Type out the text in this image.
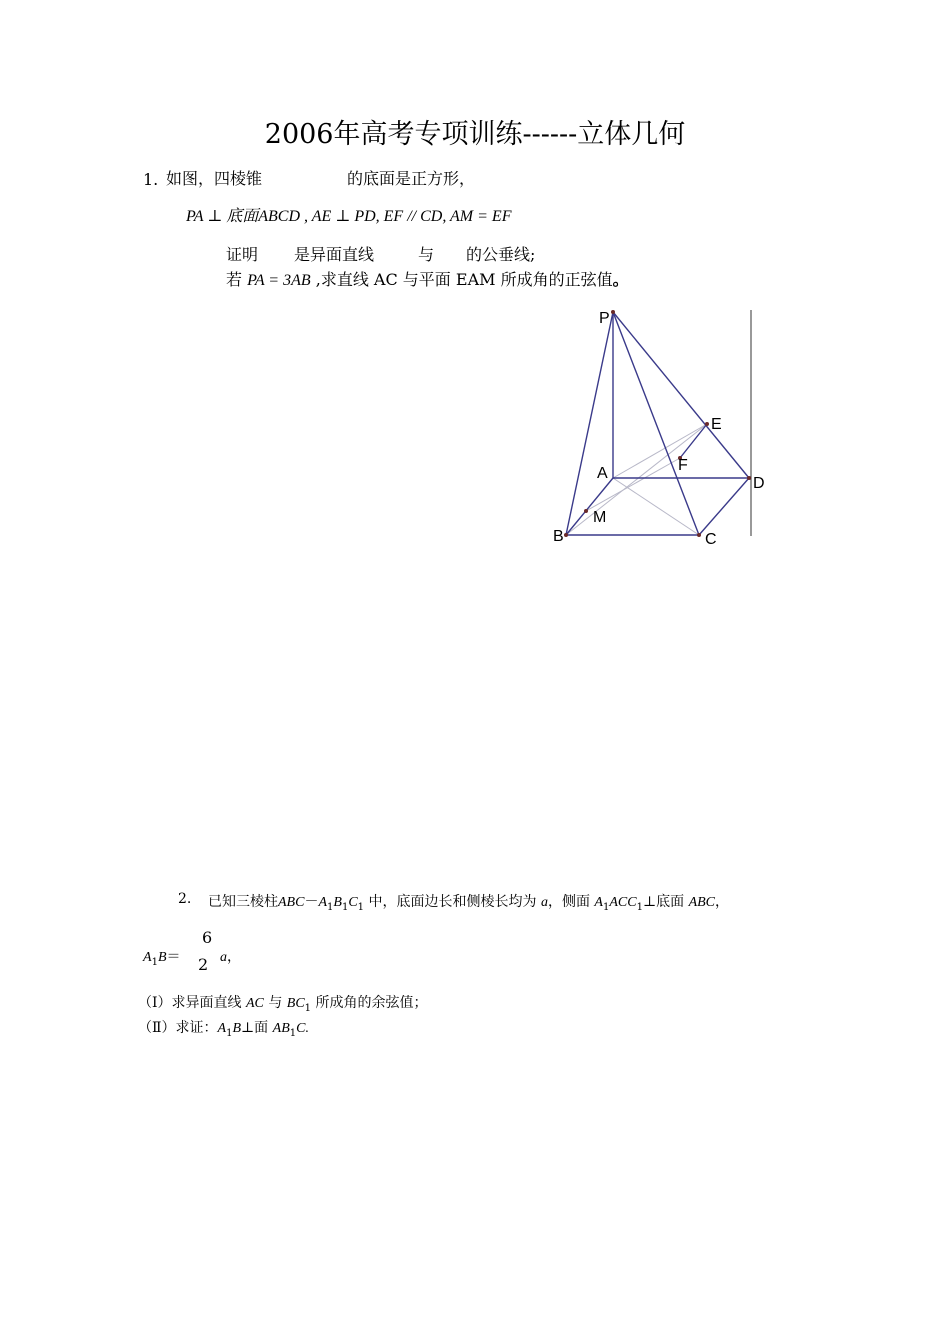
2006年高考专项训练------立体几何
1. 如图，四棱锥	的底面是正方形，
PA ⊥ 底面ABCD , AE ⊥ PD, EF // CD, AM = EF
证明 是异面直线	与 的公垂线;
若 PA = 3AB ,求直线 AC 与平面 EAM 所成角的正弦值。
P
E
F
A
D
M
B	C
2. 已知三棱柱$ABC-A_1B_1C_1$ 中，底面边长和侧棱长均为 a，侧面 $A_1ACC_1\perp$底面 ABC，
$A_1B=$
6
2 a，
（Ⅰ）求异面直线 AC 与 $BC_1$ 所成角的余弦值；
（Ⅱ）求证：$A_1B\perp$面 $AB_1C$.
